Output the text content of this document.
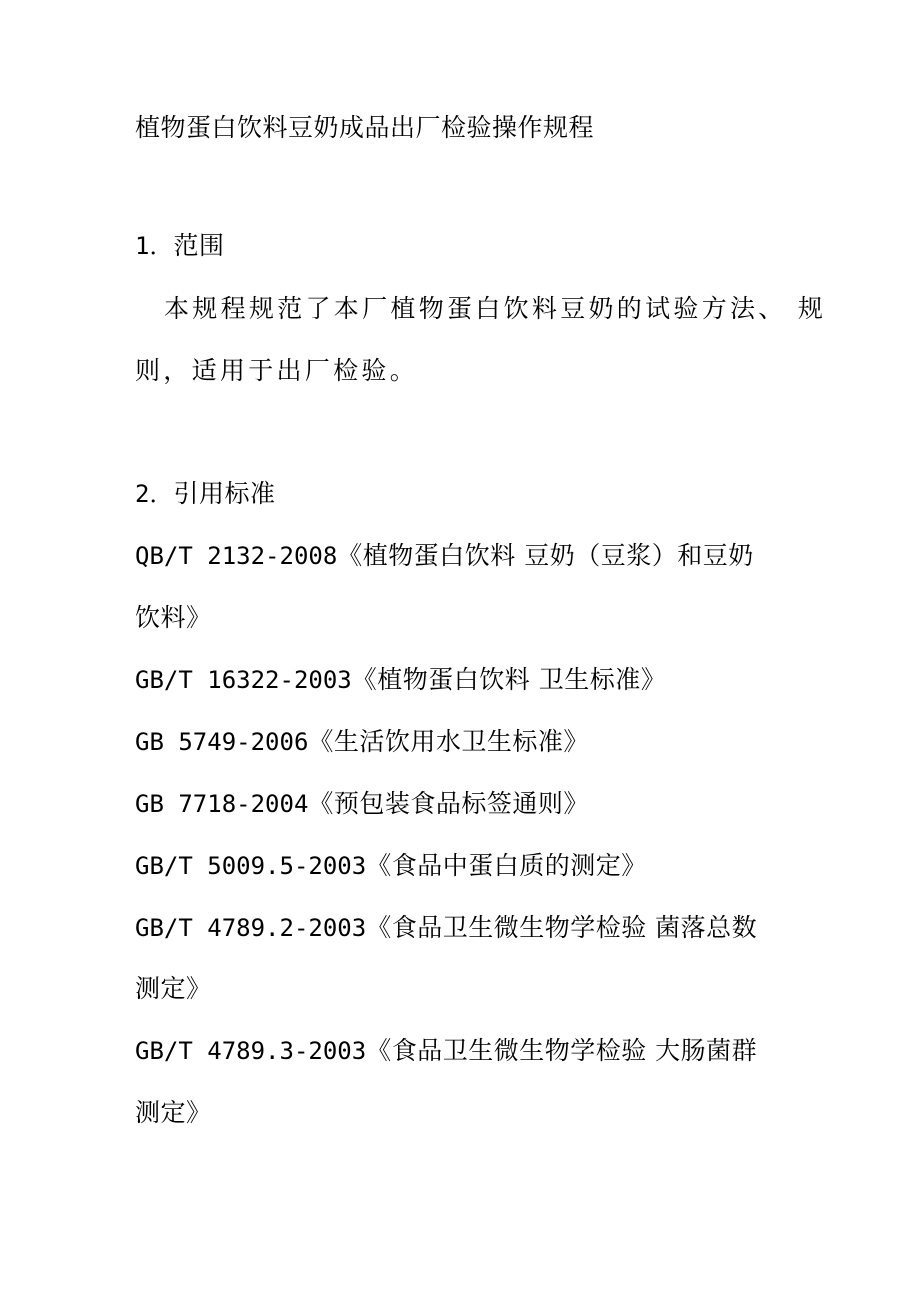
植物蛋白饮料豆奶成品出厂检验操作规程
1．范围
本规程规范了本厂植物蛋白饮料豆奶的试验方法、 规
则，适用于出厂检验。
2．引用标准
QB/T 2132-2008《植物蛋白饮料 豆奶（豆浆）和豆奶
饮料》
GB/T 16322-2003《植物蛋白饮料 卫生标准》
GB 5749-2006《生活饮用水卫生标准》
GB 7718-2004《预包装食品标签通则》
GB/T 5009.5-2003《食品中蛋白质的测定》
GB/T 4789.2-2003《食品卫生微生物学检验 菌落总数
测定》
GB/T 4789.3-2003《食品卫生微生物学检验 大肠菌群
测定》
